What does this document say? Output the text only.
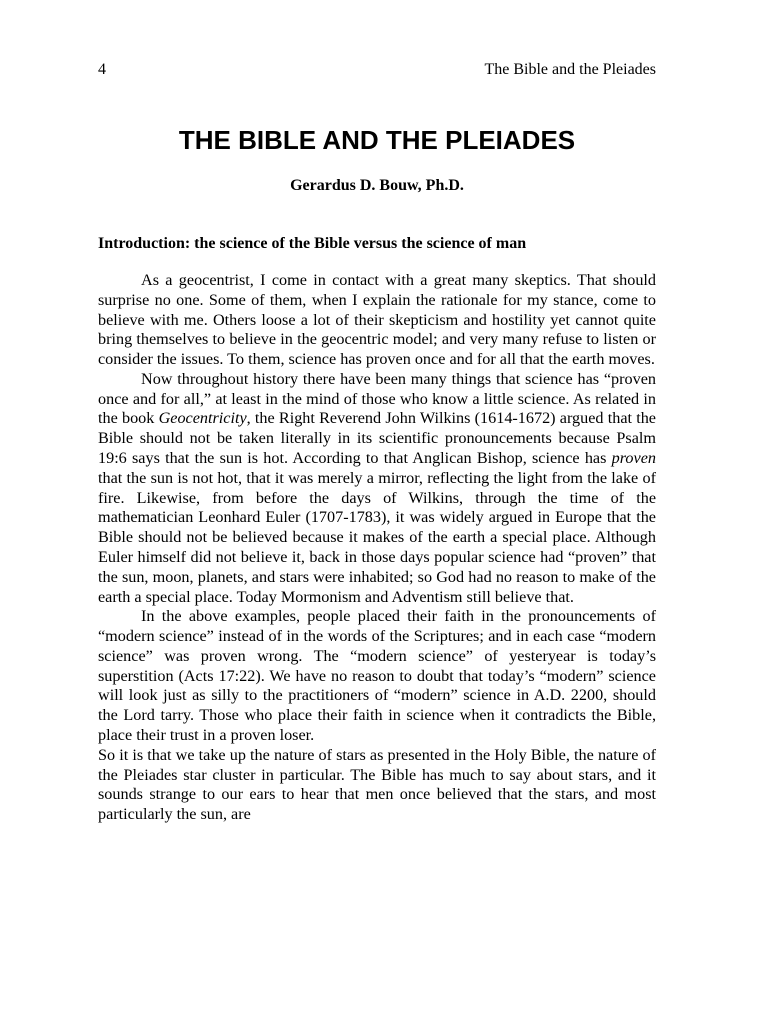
4	The Bible and the Pleiades
THE BIBLE AND THE PLEIADES
Gerardus D. Bouw, Ph.D.
Introduction: the science of the Bible versus the science of man

As a geocentrist, I come in contact with a great many skeptics. That should surprise no one. Some of them, when I explain the rationale for my stance, come to believe with me. Others loose a lot of their skepticism and hostility yet cannot quite bring themselves to believe in the geocentric model; and very many refuse to listen or consider the issues. To them, science has proven once and for all that the earth moves.

Now throughout history there have been many things that science has “proven once and for all,” at least in the mind of those who know a little science. As related in the book Geocentricity, the Right Reverend John Wilkins (1614-1672) argued that the Bible should not be taken literally in its scientific pronouncements because Psalm 19:6 says that the sun is hot. According to that Anglican Bishop, science has proven that the sun is not hot, that it was merely a mirror, reflecting the light from the lake of fire. Likewise, from before the days of Wilkins, through the time of the mathematician Leonhard Euler (1707-1783), it was widely argued in Europe that the Bible should not be believed because it makes of the earth a special place. Although Euler himself did not believe it, back in those days popular science had “proven” that the sun, moon, planets, and stars were inhabited; so God had no reason to make of the earth a special place. Today Mormonism and Adventism still believe that.

In the above examples, people placed their faith in the pronouncements of “modern science” instead of in the words of the Scriptures; and in each case “modern science” was proven wrong. The “modern science” of yesteryear is today’s superstition (Acts 17:22). We have no reason to doubt that today’s “modern” science will look just as silly to the practitioners of “modern” science in A.D. 2200, should the Lord tarry. Those who place their faith in science when it contradicts the Bible, place their trust in a proven loser.

So it is that we take up the nature of stars as presented in the Holy Bible, the nature of the Pleiades star cluster in particular. The Bible has much to say about stars, and it sounds strange to our ears to hear that men once believed that the stars, and most particularly the sun, are
